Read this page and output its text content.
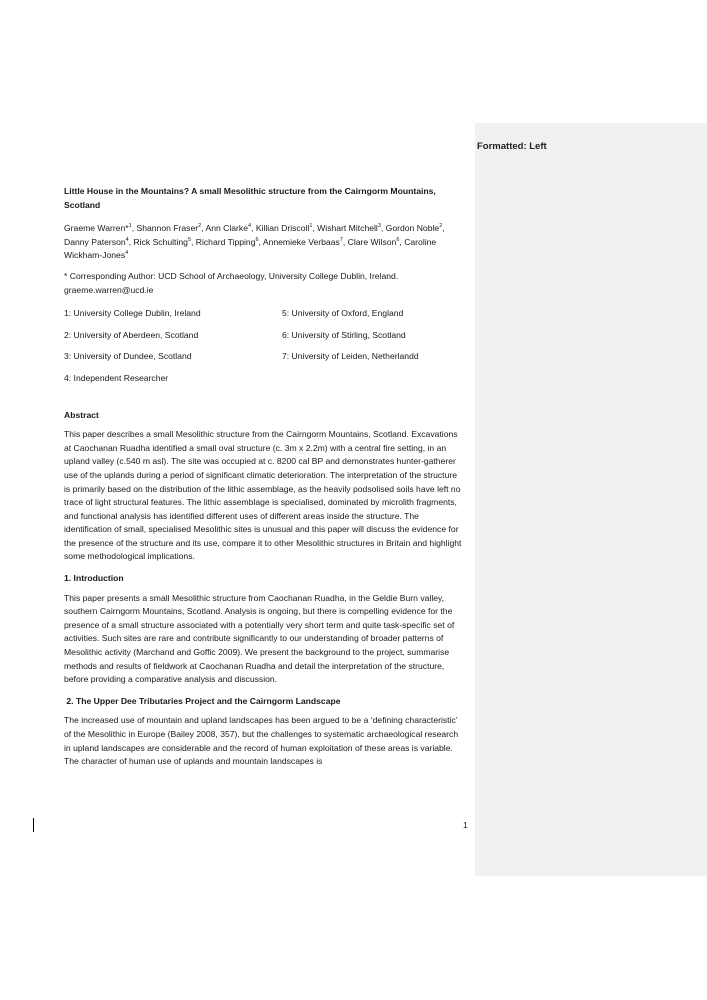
Little House in the Mountains? A small Mesolithic structure from the Cairngorm Mountains, Scotland

Graeme Warren*$^1$, Shannon Fraser$^2$, Ann Clarke$^4$, Killian Driscoll$^1$, Wishart Mitchell$^3$, Gordon Noble$^2$, Danny Paterson$^4$, Rick Schulting$^5$, Richard Tipping$^6$, Annemieke Verbaas$^7$, Clare Wilson$^6$, Caroline Wickham-Jones$^4$

* Corresponding Author: UCD School of Archaeology, University College Dublin, Ireland. graeme.warren@ucd.ie

1: University College Dublin, Ireland	5: University of Oxford, England
2: University of Aberdeen, Scotland	6: University of Stirling, Scotland
3: University of Dundee, Scotland	7: University of Leiden, Netherlandd
4: Independent Researcher

Abstract

This paper describes a small Mesolithic structure from the Cairngorm Mountains, Scotland. Excavations at Caochanan Ruadha identified a small oval structure (c. 3m x 2.2m) with a central fire setting, in an upland valley (c.540 m asl). The site was occupied at c. 8200 cal BP and demonstrates hunter-gatherer use of the uplands during a period of significant climatic deterioration. The interpretation of the structure is primarily based on the distribution of the lithic assemblage, as the heavily podsolised soils have left no trace of light structural features. The lithic assemblage is specialised, dominated by microlith fragments, and functional analysis has identified different uses of different areas inside the structure. The identification of small, specialised Mesolithic sites is unusual and this paper will discuss the evidence for the presence of the structure and its use, compare it to other Mesolithic structures in Britain and highlight some methodological implications.

1. Introduction

This paper presents a small Mesolithic structure from Caochanan Ruadha, in the Geldie Burn valley, southern Cairngorm Mountains, Scotland. Analysis is ongoing, but there is compelling evidence for the presence of a small structure associated with a potentially very short term and quite task-specific set of activities. Such sites are rare and contribute significantly to our understanding of broader patterns of Mesolithic activity (Marchand and Goffic 2009). We present the background to the project, summarise methods and results of fieldwork at Caochanan Ruadha and detail the interpretation of the structure, before providing a comparative analysis and discussion.

2. The Upper Dee Tributaries Project and the Cairngorm Landscape

The increased use of mountain and upland landscapes has been argued to be a ‘defining characteristic’ of the Mesolithic in Europe (Bailey 2008, 357), but the challenges to systematic archaeological research in upland landscapes are considerable and the record of human exploitation of these areas is variable. The character of human use of uplands and mountain landscapes is

1
Formatted: Left
